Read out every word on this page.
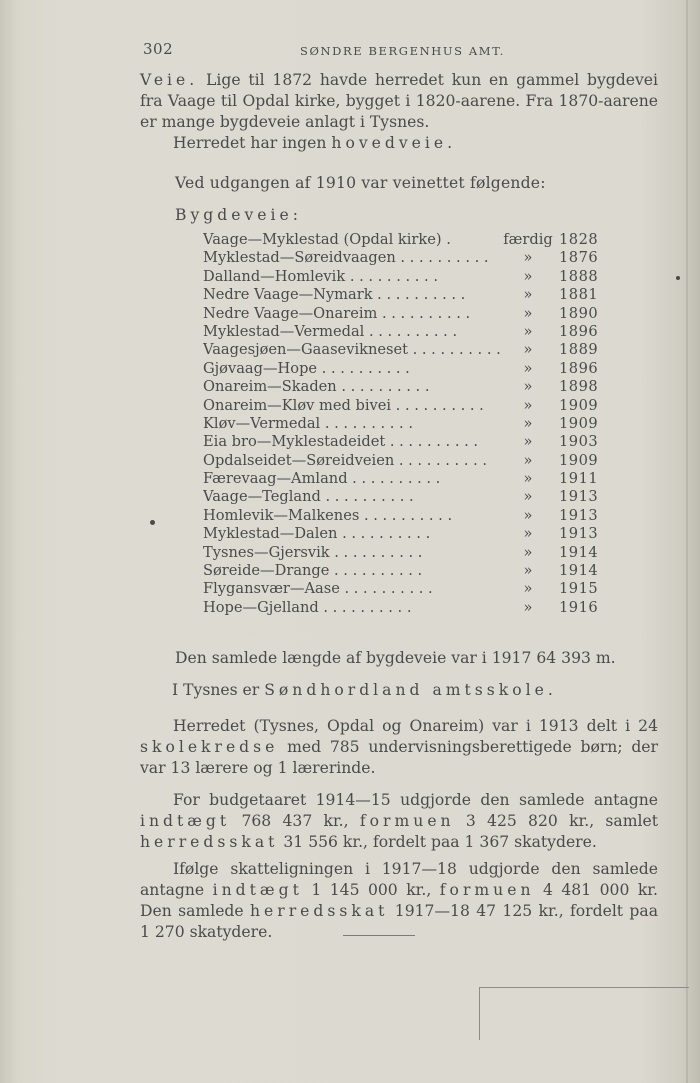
302	SØNDRE BERGENHUS AMT.

Veie. Lige til 1872 havde herredet kun en gammel bygdevei fra Vaage til Opdal kirke, bygget i 1820-aarene. Fra 1870-aarene er mange bygdeveie anlagt i Tysnes.

Herredet har ingen hovedveie.

Ved udgangen af 1910 var veinettet følgende:

Bygdeveie:

Vaage—Myklestad (Opdal kirke) .	færdig 1828
Myklestad—Søreidvaagen . . . . . . . . . .	»	1876
Dalland—Homlevik . . . . . . . . . .	»	1888
Nedre Vaage—Nymark . . . . . . . . . .	»	1881
Nedre Vaage—Onareim . . . . . . . . . .	»	1890
Myklestad—Vermedal . . . . . . . . . .	»	1896
Vaagesjøen—Gaasevikneset . . . . . . . . . .	»	1889
Gjøvaag—Hope . . . . . . . . . .	»	1896
Onareim—Skaden . . . . . . . . . .	»	1898
Onareim—Kløv med bivei . . . . . . . . . .	»	1909
Kløv—Vermedal . . . . . . . . . .	»	1909
Eia bro—Myklestadeidet . . . . . . . . . .	»	1903
Opdalseidet—Søreidveien . . . . . . . . . .	»	1909
Færevaag—Amland . . . . . . . . . .	»	1911
Vaage—Tegland . . . . . . . . . .	»	1913
Homlevik—Malkenes . . . . . . . . . .	»	1913
Myklestad—Dalen . . . . . . . . . .	»	1913
Tysnes—Gjersvik . . . . . . . . . .	»	1914
Søreide—Drange . . . . . . . . . .	»	1914
Flygansvær—Aase . . . . . . . . . .	»	1915
Hope—Gjelland . . . . . . . . . .	»	1916

Den samlede længde af bygdeveie var i 1917 64 393 m.

I Tysnes er Søndhordland amtsskole.

Herredet (Tysnes, Opdal og Onareim) var i 1913 delt i 24 skolekredse med 785 undervisningsberettigede børn; der var 13 lærere og 1 lærerinde.

For budgetaaret 1914—15 udgjorde den samlede antagne indtægt 768 437 kr., formuen 3 425 820 kr., samlet herredsskat 31 556 kr., fordelt paa 1 367 skatydere.

Ifølge skatteligningen i 1917—18 udgjorde den samlede antagne indtægt 1 145 000 kr., formuen 4 481 000 kr. Den samlede herredsskat 1917—18 47 125 kr., fordelt paa 1 270 skatydere.
